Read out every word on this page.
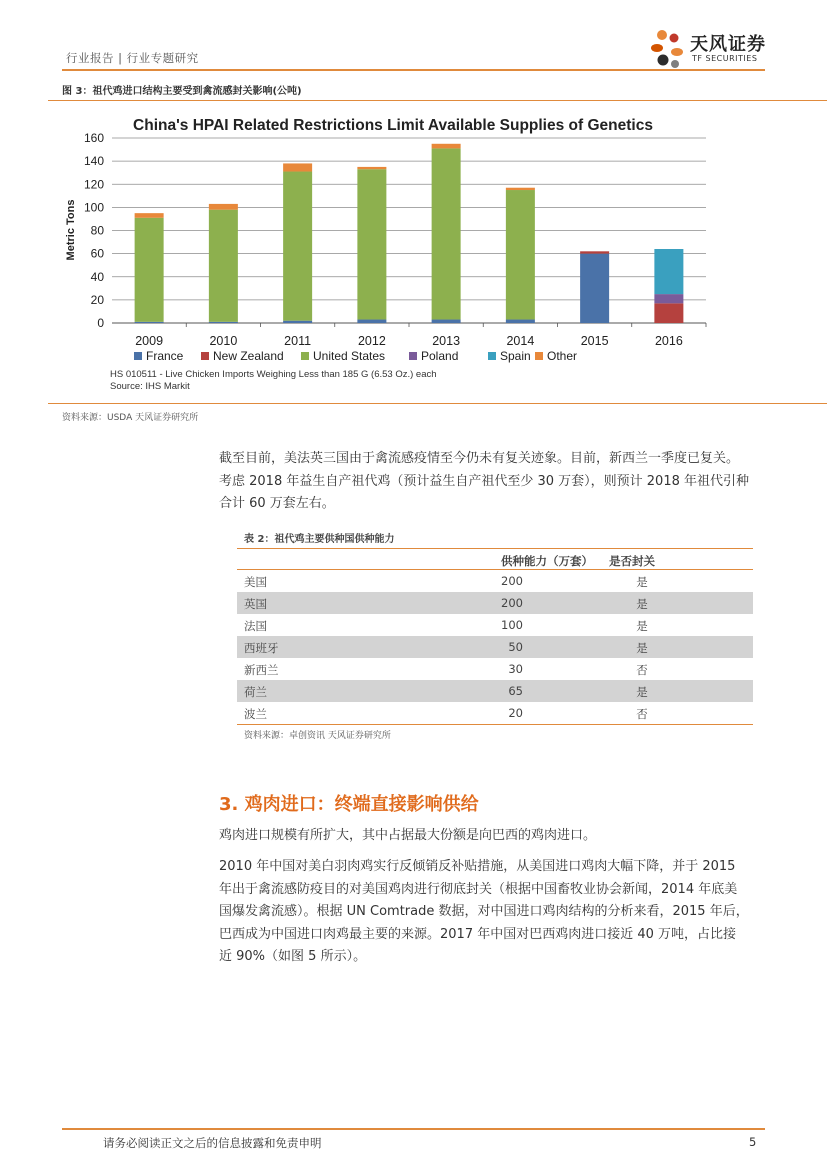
行业报告 | 行业专题研究
天风证券
TF SECURITIES
图 3：祖代鸡进口结构主要受到禽流感封关影响(公吨)
China's HPAI Related Restrictions Limit Available Supplies of Genetics
Metric Tons
0
20
40
60
80
100
120
140
160
2009	2010	2011	2012	2013	2014	2015	2016
France New Zealand United States	Poland	Spain Other
HS 010511 - Live Chicken Imports Weighing Less than 185 G (6.53 Oz.) each
Source: IHS Markit
资料来源：USDA 天风证券研究所
截至目前，美法英三国由于禽流感疫情至今仍未有复关迹象。目前，新西兰一季度已复关。
考虑 2018 年益生自产祖代鸡（预计益生自产祖代至少 30 万套），则预计 2018 年祖代引种
合计 60 万套左右。
表 2：祖代鸡主要供种国供种能力
供种能力（万套） 是否封关
美国	200	是
英国	200	是
法国	100	是
西班牙	50	是
新西兰	30	否
荷兰	65	是
波兰	20	否
资料来源：卓创资讯 天风证券研究所
3. 鸡肉进口：终端直接影响供给
鸡肉进口规模有所扩大，其中占据最大份额是向巴西的鸡肉进口。
2010 年中国对美白羽肉鸡实行反倾销反补贴措施，从美国进口鸡肉大幅下降，并于 2015
年出于禽流感防疫目的对美国鸡肉进行彻底封关（根据中国畜牧业协会新闻，2014 年底美
国爆发禽流感）。根据 UN Comtrade 数据，对中国进口鸡肉结构的分析来看，2015 年后，
巴西成为中国进口肉鸡最主要的来源。2017 年中国对巴西鸡肉进口接近 40 万吨，占比接
近 90%（如图 5 所示）。
请务必阅读正文之后的信息披露和免责申明	5
